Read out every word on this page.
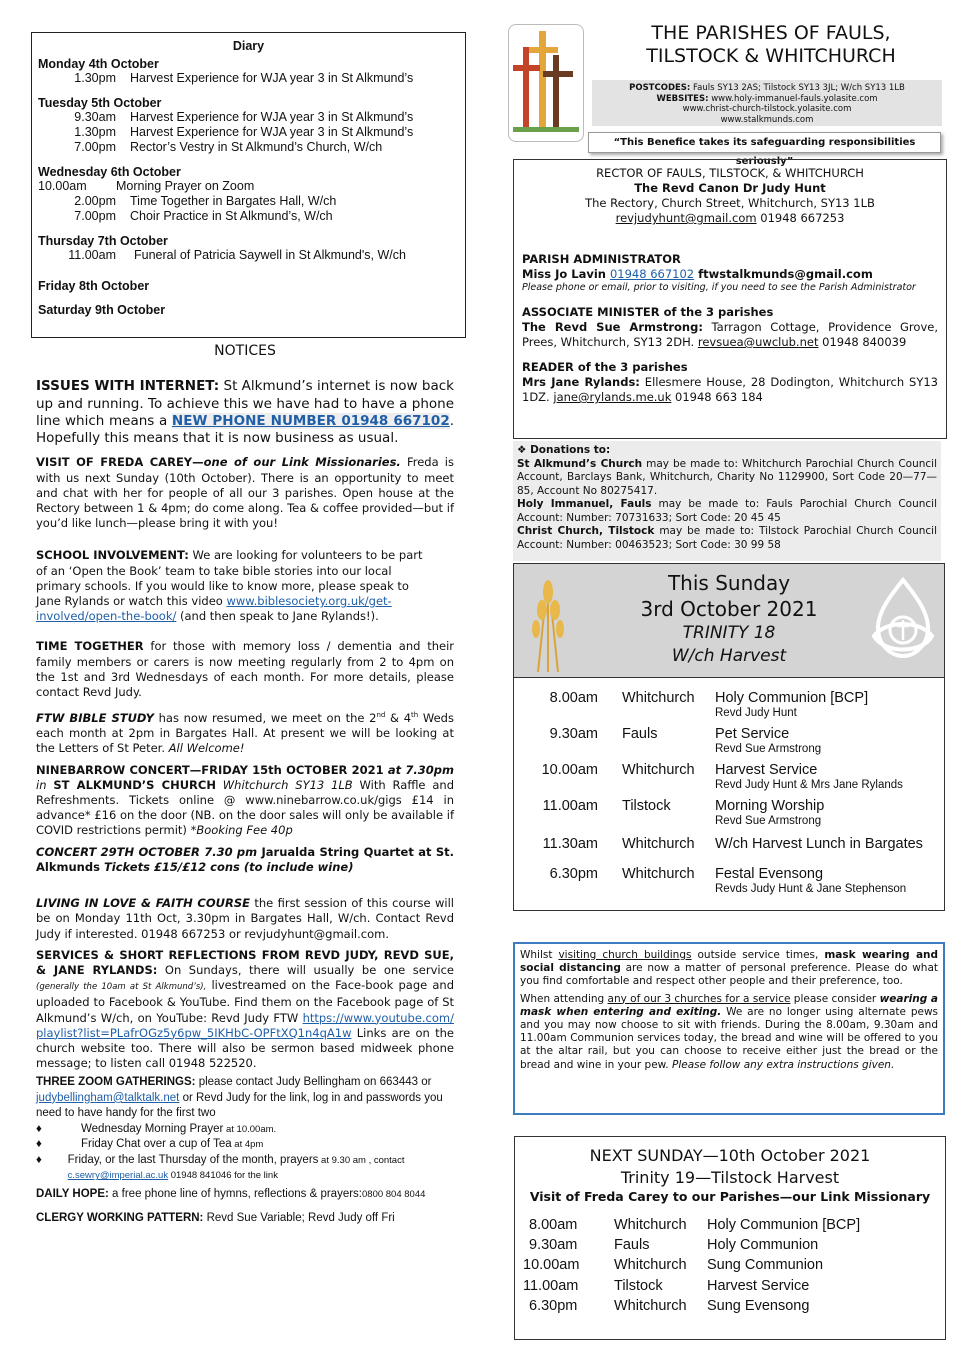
Diary
Monday 4th October
1.30pm	Harvest Experience for WJA year 3 in St Alkmund’s
Tuesday 5th October
9.30am	Harvest Experience for WJA year 3 in St Alkmund’s
1.30pm	Harvest Experience for WJA year 3 in St Alkmund’s
7.00pm	Rector’s Vestry in St Alkmund’s Church, W/ch
Wednesday 6th October
10.00am	Morning Prayer on Zoom
2.00pm	Time Together in Bargates Hall, W/ch
7.00pm	Choir Practice in St Alkmund’s, W/ch
Thursday 7th October
11.00am	Funeral of Patricia Saywell in St Alkmund's, W/ch
Friday 8th October
Saturday 9th October
NOTICES

ISSUES WITH INTERNET: St Alkmund’s internet is now back up and running. To achieve this we have had to have a phone line which means a NEW PHONE NUMBER 01948 667102. Hopefully this means that it is now business as usual.

VISIT OF FREDA CAREY—one of our Link Missionaries. Freda is with us next Sunday (10th October). There is an opportunity to meet and chat with her for people of all our 3 parishes. Open house at the Rectory between 1 & 4pm; do come along. Tea & coffee provided—but if you’d like lunch—please bring it with you!

SCHOOL INVOLVEMENT: We are looking for volunteers to be part of an ‘Open the Book’ team to take bible stories into our local primary schools. If you would like to know more, please speak to Jane Rylands or watch this video www.biblesociety.org.uk/get-involved/open-the-book/ (and then speak to Jane Rylands!).

TIME TOGETHER for those with memory loss / dementia and their family members or carers is now meeting regularly from 2 to 4pm on the 1st and 3rd Wednesdays of each month. For more details, please contact Revd Judy.

FTW BIBLE STUDY has now resumed, we meet on the 2nd & 4th Weds each month at 2pm in Bargates Hall. At present we will be looking at the Letters of St Peter. All Welcome!

NINEBARROW CONCERT—FRIDAY 15th OCTOBER 2021 at 7.30pm in ST ALKMUND’S CHURCH Whitchurch SY13 1LB With Raffle and Refreshments. Tickets online @ www.ninebarrow.co.uk/gigs £14 in advance* £16 on the door (NB. on the door sales will only be available if COVID restrictions permit) *Booking Fee 40p

CONCERT 29TH OCTOBER 7.30 pm Jarualda String Quartet at St. Alkmunds Tickets £15/£12 cons (to include wine)

LIVING IN LOVE & FAITH COURSE the first session of this course will be on Monday 11th Oct, 3.30pm in Bargates Hall, W/ch. Contact Revd Judy if interested. 01948 667253 or revjudyhunt@gmail.com.

SERVICES & SHORT REFLECTIONS FROM REVD JUDY, REVD SUE, & JANE RYLANDS: On Sundays, there will usually be one service (generally the 10am at St Alkmund’s), livestreamed on the Face-book page and uploaded to Facebook & YouTube. Find them on the Facebook page of St Alkmund’s W/ch, on YouTube: Revd Judy FTW https://www.youtube.com/playlist?list=PLafrOGz5y6pw_5IKHbC-OPFtXQ1n4qA1w Links are on the church website too. There will also be sermon based midweek phone message; to listen call 01948 522520.

THREE ZOOM GATHERINGS: please contact Judy Bellingham on 663443 or judybellingham@talktalk.net or Revd Judy for the link, log in and passwords you need to have handy for the first two

♦	Wednesday Morning Prayer at 10.00am.
♦	Friday Chat over a cup of Tea at 4pm
♦	Friday, or the last Thursday of the month, prayers at 9.30 am , contact c.sewry@imperial.ac.uk 01948 841046 for the link

DAILY HOPE: a free phone line of hymns, reflections & prayers:0800 804 8044

CLERGY WORKING PATTERN: Revd Sue Variable; Revd Judy off Fri

THE PARISHES OF FAULS,
TILSTOCK & WHITCHURCH
POSTCODES: Fauls SY13 2AS; Tilstock SY13 3JL; W/ch SY13 1LB
WEBSITES: www.holy-immanuel-fauls.yolasite.com
www.christ-church-tilstock.yolasite.com
www.stalkmunds.com
“This Benefice takes its safeguarding responsibilities seriously”
RECTOR OF FAULS, TILSTOCK, & WHITCHURCH
The Revd Canon Dr Judy Hunt
The Rectory, Church Street, Whitchurch, SY13 1LB
revjudyhunt@gmail.com 01948 667253
PARISH ADMINISTRATOR
Miss Jo Lavin 01948 667102 ftwstalkmunds@gmail.com
Please phone or email, prior to visiting, if you need to see the Parish Administrator
ASSOCIATE MINISTER of the 3 parishes
The Revd Sue Armstrong: Tarragon Cottage, Providence Grove, Prees, Whitchurch, SY13 2DH. revsuea@uwclub.net 01948 840039
READER of the 3 parishes
Mrs Jane Rylands: Ellesmere House, 28 Dodington, Whitchurch SY13 1DZ. jane@rylands.me.uk 01948 663 184
❖ Donations to:

St Alkmund’s Church may be made to: Whitchurch Parochial Church Council Account, Barclays Bank, Whitchurch, Charity No 1129900, Sort Code 20—77—85, Account No 80275417.

Holy Immanuel, Fauls may be made to: Fauls Parochial Church Council Account: Number: 70731633; Sort Code: 20 45 45

Christ Church, Tilstock may be made to: Tilstock Parochial Church Council Account: Number: 00463523; Sort Code: 30 99 58

This Sunday
3rd October 2021
TRINITY 18
W/ch Harvest
8.00am Whitchurch Holy Communion [BCP]
Revd Judy Hunt
9.30am Fauls	Pet Service
Revd Sue Armstrong
10.00am Whitchurch Harvest Service
Revd Judy Hunt & Mrs Jane Rylands
11.00am Tilstock	Morning Worship
Revd Sue Armstrong
11.30am Whitchurch W/ch Harvest Lunch in Bargates
6.30pm Whitchurch Festal Evensong
Revds Judy Hunt & Jane Stephenson

Whilst visiting church buildings outside service times, mask wearing and social distancing are now a matter of personal preference. Please do what you find comfortable and respect other people and their preference, too.

When attending any of our 3 churches for a service please consider wearing a mask when entering and exiting. We are no longer using alternate pews and you may now choose to sit with friends. During the 8.00am, 9.30am and 11.00am Communion services today, the bread and wine will be offered to you at the altar rail, but you can choose to receive either just the bread or the bread and wine in your pew. Please follow any extra instructions given.

NEXT SUNDAY—10th October 2021
Trinity 19—Tilstock Harvest
Visit of Freda Carey to our Parishes—our Link Missionary
8.00am	Whitchurch Holy Communion [BCP]
9.30am	Fauls	Holy Communion
10.00am Whitchurch Sung Communion
11.00am Tilstock	Harvest Service
6.30pm	Whitchurch Sung Evensong
